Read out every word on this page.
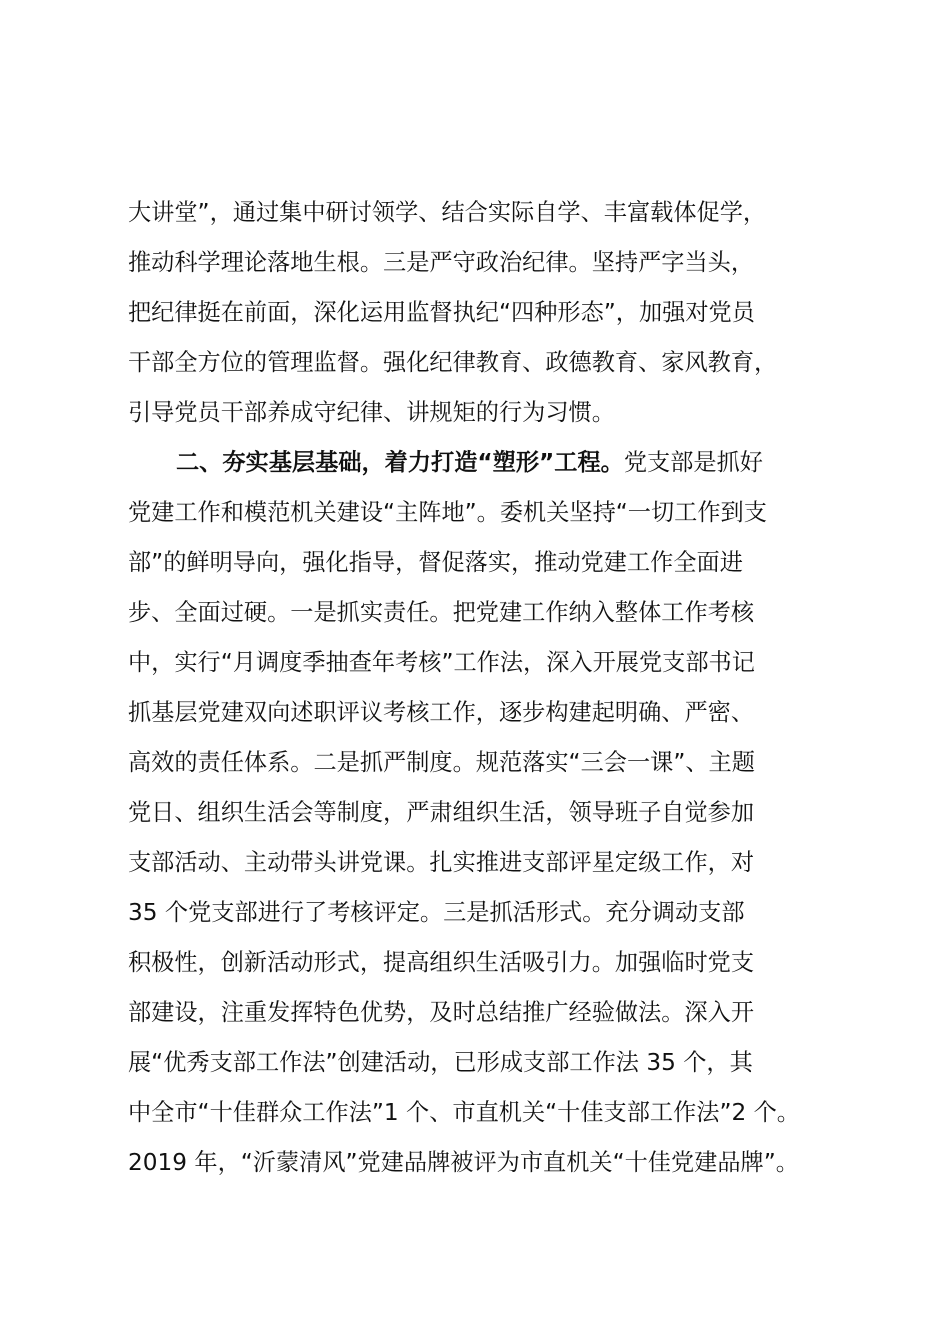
大讲堂”，通过集中研讨领学、结合实际自学、丰富载体促学，
推动科学理论落地生根。三是严守政治纪律。坚持严字当头，
把纪律挺在前面，深化运用监督执纪“四种形态”，加强对党员
干部全方位的管理监督。强化纪律教育、政德教育、家风教育，
引导党员干部养成守纪律、讲规矩的行为习惯。
二、夯实基层基础，着力打造“塑形”工程。党支部是抓好
党建工作和模范机关建设“主阵地”。委机关坚持“一切工作到支
部”的鲜明导向，强化指导，督促落实，推动党建工作全面进
步、全面过硬。一是抓实责任。把党建工作纳入整体工作考核
中，实行“月调度季抽查年考核”工作法，深入开展党支部书记
抓基层党建双向述职评议考核工作，逐步构建起明确、严密、
高效的责任体系。二是抓严制度。规范落实“三会一课”、主题
党日、组织生活会等制度，严肃组织生活，领导班子自觉参加
支部活动、主动带头讲党课。扎实推进支部评星定级工作，对
35 个党支部进行了考核评定。三是抓活形式。充分调动支部
积极性，创新活动形式，提高组织生活吸引力。加强临时党支
部建设，注重发挥特色优势，及时总结推广经验做法。深入开
展“优秀支部工作法”创建活动，已形成支部工作法 35 个，其
中全市“十佳群众工作法”1 个、市直机关“十佳支部工作法”2 个。
2019 年，“沂蒙清风”党建品牌被评为市直机关“十佳党建品牌”。
